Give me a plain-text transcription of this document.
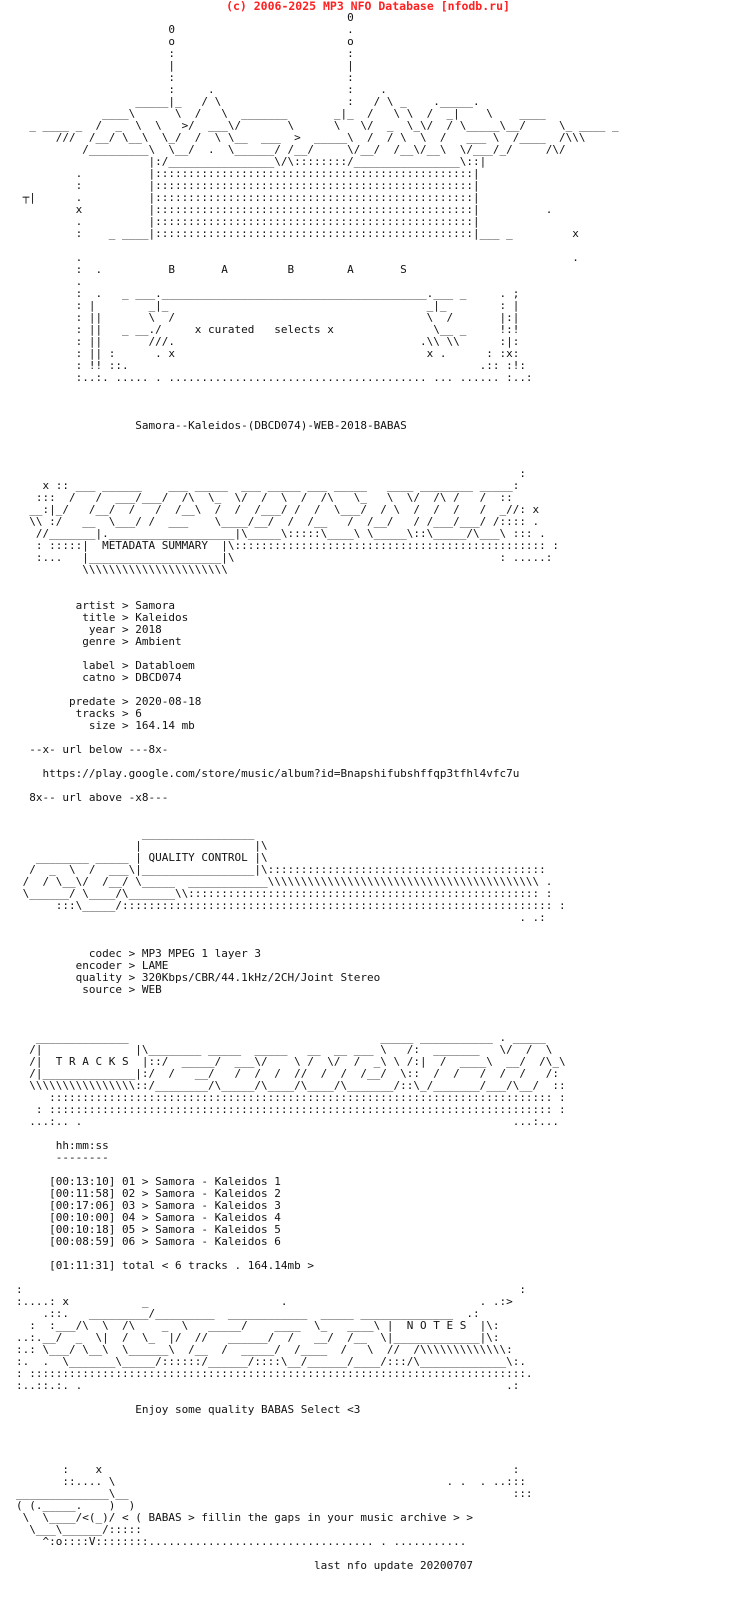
(c) 2006-2025 MP3 NFO Database [nfodb.ru]
0
0                          .
o                          o
:                          :
|                          |
:                          :
:     .                    :    .
_____|_   / \                   :   / \ _    ._____.
____\      \  /   \  _______       _|_  /   \ \  /  _|    \    ____
_ ____ _  /  _  \  \   >/  ___\/       \      \   \/  _  \_\/  / \_____\__/     \_ ____ _
///  /__/ \__\  \_/  /  \ \__  ___  >  _____\  /  / \  \  /   ___ \  /____  /\\\
/_________\  \__/  .  \______/ /__/     \/__/  /__\/__\  \/___/_/     /\/
|:/________________\/\::::::::/________________\::|
.          |::::::::::::::::::::::::::::::::::::::::::::::::|
:          |::::::::::::::::::::::::::::::::::::::::::::::::|
┬|      .          |::::::::::::::::::::::::::::::::::::::::::::::::|
x          |::::::::::::::::::::::::::::::::::::::::::::::::|          .
.          |::::::::::::::::::::::::::::::::::::::::::::::::|
:    _ ____|::::::::::::::::::::::::::::::::::::::::::::::::|___ _         x

.                                                                          .
:  .          B       A         B        A       S
.
:  .   _ ___.________________________________________.___ _     . ;
: |        _|_                                       _|_        : |
: ||       \  /                                      \  /       |:|
: ||   _ __./     x curated   selects x               \__ _     !:!
: ||       ///.                                     .\\ \\      :|:
: || :      . x                                      x .      : :x:
: !! ::.                                                     .:: :!:
:..:. ..... . ....................................... ... ...... :..:

Samora--Kaleidos-(DBCD074)-WEB-2018-BABAS

:
x :: ___ ______    ___ _____  ___ _____ ___ _____   ____ ________ _____:
:::  /   /  ___/___/  /\  \_  \/  /  \  /  /\   \_   \  \/  /\ /   /  ::
__:|_/   /__/  /   /  /__\  /  /  /___/ /  /  \___/  / \  /  /  /   /  _//: x
\\ :/   __  \___/ /  ___    \____/__/  /  /__   /  /__/   / /___/___/ /:::: .
//_______|.___________________|\_____\:::::\____\ \_____\::\_____/\___\ ::: .
: :::::|  METADATA SUMMARY  |\::::::::::::::::::::::::::::::::::::::::::::::: :
:...   |____________________|\                                        : .....:
\\\\\\\\\\\\\\\\\\\\\\

artist > Samora
title > Kaleidos
year > 2018
genre > Ambient

label > Databloem
catno > DBCD074

predate > 2020-08-18
tracks > 6
size > 164.14 mb

--x- url below ---8x-

https://play.google.com/store/music/album?id=Bnapshifubshffqp3tfhl4vfc7u

8x-- url above -x8---

_________________
|                 |\
________ _____ | QUALITY CONTROL |\
/  _  \  /  ___\|_________________|\::::::::::::::::::::::::::::::::::::::::::
/  / \__\/  /__/ \_____  ____________\\\\\\\\\\\\\\\\\\\\\\\\\\\\\\\\\\\\\\\\\ .
\______/ \____/\_______\\::::::::::::::::::::::::::::::::::::::::::::::::::::: :
:::\_____/::::::::::::::::::::::::::::::::::::::::::::::::::::::::::::::::: :
. .:

codec > MP3 MPEG 1 layer 3
encoder > LAME
quality > 320Kbps/CBR/44.1kHz/2CH/Joint Stereo
source > WEB

______________                                      _____ ___________ . _____
/|              |\________ _____  _____   __  __ ___ \   /:  _______   \/  /  \
/|  T R A C K S  |::/  _____/  ___\/    \ /  \/  /  _\ \ /:|  /  ____\  __/  /\_\
/|______________|:/  /   __/   /  /  /  //  /  /  /__/  \::  /  /   /  /  /   /:
\\\\\\\\\\\\\\\\::/________/\_____/\____/\____/\_______/::\_/_______/___/\__/  ::
:::::::::::::::::::::::::::::::::::::::::::::::::::::::::::::::::::::::::::: :
: :::::::::::::::::::::::::::::::::::::::::::::::::::::::::::::::::::::::::::: :
...:.. .                                                                 ...:...

hh:mm:ss
--------

[00:13:10] 01 > Samora - Kaleidos 1
[00:11:58] 02 > Samora - Kaleidos 2
[00:17:06] 03 > Samora - Kaleidos 3
[00:10:00] 04 > Samora - Kaleidos 4
[00:10:18] 05 > Samora - Kaleidos 5
[00:08:59] 06 > Samora - Kaleidos 6

[01:11:31] total < 6 tracks . 164.14mb >

:                                                                           :
:....: x           _                    .                             . .:>
.::.   _________/_________  ____________  _____ ______________  .:
:  :___/\  \  /\    _  \   _____/    ____  \_   ____\ |  N O T E S  |\:
..:.__/  _  \|  /  \_  |/  //   ______/  /   __/  /__  \|_____________|\:
:.: \___/ \__\  \______\  /__  /  _____/  /____  /   \  //  /\\\\\\\\\\\\\:
:.  .  \_______\_____/::::::/______/::::\__/______/____/:::/\_____________\:.
: :::::::::::::::::::::::::::::::::::::::::::::::::::::::::::::::::::::::::::.
:..::.:. .                                                                .:

Enjoy some quality BABAS Select <3

:    x                                                              :
::.... \                                                  . .  . ..:::
______________\__                                                          :::
( (._____.    )  )
\  \____/<(_)/ < ( BABAS > fillin the gaps in your music archive > >
\___\______/:::::
^:o::::V::::::::.................................. . ...........

last nfo update 20200707
